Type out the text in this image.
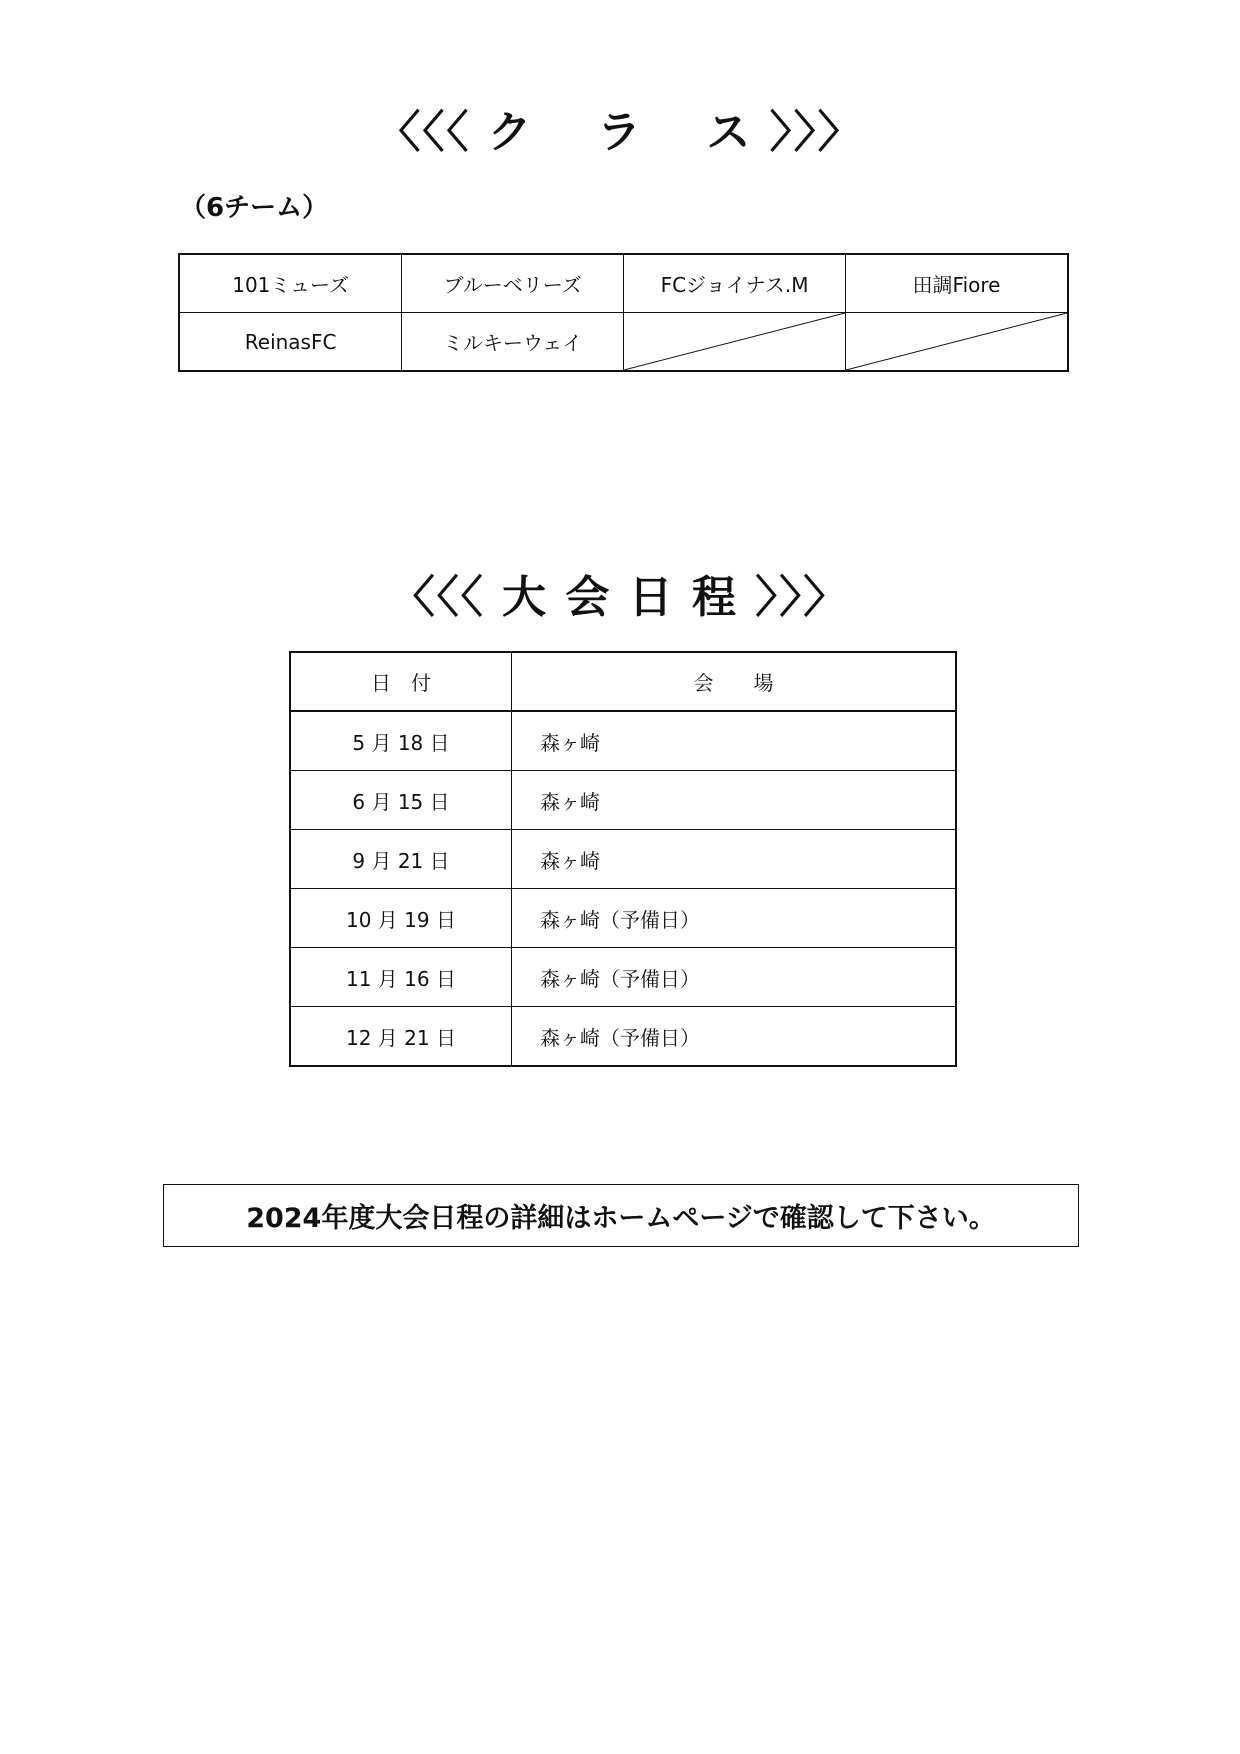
〈〈〈 ク　 ラ　 ス 〉〉〉

（6チーム）

101ミューズ	ブルーベリーズ	FCジョイナス.M	田調Fiore
ReinasFC	ミルキーウェイ	

〈〈〈 大 会 日 程 〉〉〉
日　付	会　　場
5 月 18 日	森ヶ崎
6 月 15 日	森ヶ崎
9 月 21 日	森ヶ崎
10 月 19 日	森ヶ崎（予備日）
11 月 16 日	森ヶ崎（予備日）
12 月 21 日	森ヶ崎（予備日）
2024年度大会日程の詳細はホームページで確認して下さい。
